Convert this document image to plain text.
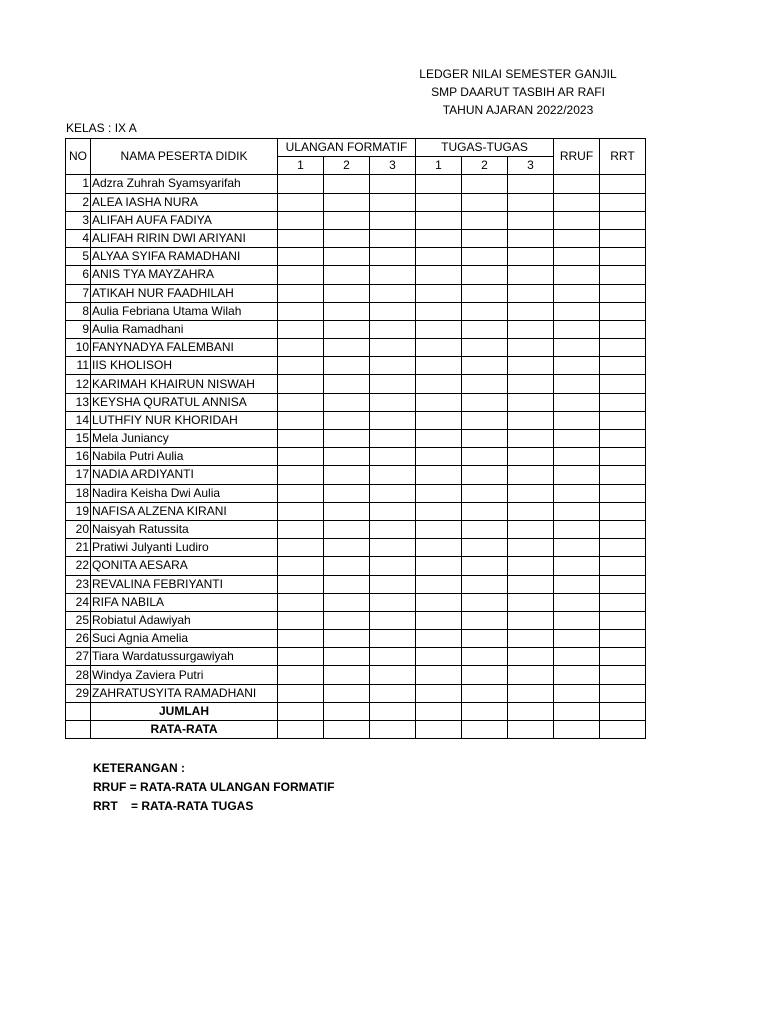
LEDGER NILAI SEMESTER GANJIL
SMP DAARUT TASBIH AR RAFI
TAHUN AJARAN 2022/2023
KELAS : IX A
NO	NAMA PESERTA DIDIK	ULANGAN FORMATIF			TUGAS-TUGAS			RRUF	RRT
		1	2	3	1	2	3		
1	Adzra Zuhrah Syamsyarifah								
2	ALEA IASHA NURA								
3	ALIFAH AUFA FADIYA								
4	ALIFAH RIRIN DWI ARIYANI								
5	ALYAA SYIFA RAMADHANI								
6	ANIS TYA MAYZAHRA								
7	ATIKAH NUR FAADHILAH								
8	Aulia Febriana Utama Wilah								
9	Aulia Ramadhani								
10	FANYNADYA FALEMBANI								
11	IIS KHOLISOH								
12	KARIMAH KHAIRUN NISWAH								
13	KEYSHA QURATUL ANNISA								
14	LUTHFIY NUR KHORIDAH								
15	Mela Juniancy								
16	Nabila Putri Aulia								
17	NADIA ARDIYANTI								
18	Nadira Keisha Dwi Aulia								
19	NAFISA ALZENA KIRANI								
20	Naisyah Ratussita								
21	Pratiwi Julyanti Ludiro								
22	QONITA AESARA								
23	REVALINA FEBRIYANTI								
24	RIFA NABILA								
25	Robiatul Adawiyah								
26	Suci Agnia Amelia								
27	Tiara Wardatussurgawiyah								
28	Windya Zaviera Putri								
29	ZAHRATUSYITA RAMADHANI								
	JUMLAH								
	RATA-RATA								
KETERANGAN :
RRUF = RATA-RATA ULANGAN FORMATIF
RRT    = RATA-RATA TUGAS
